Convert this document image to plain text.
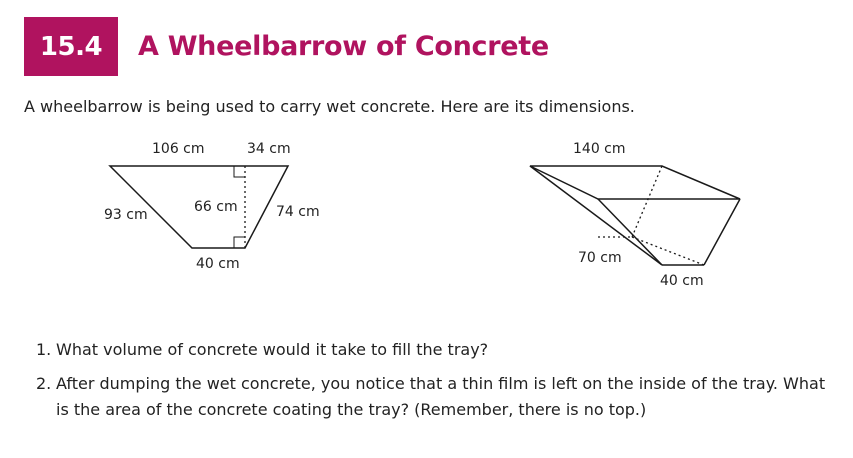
15.4	A Wheelbarrow of Concrete
A wheelbarrow is being used to carry wet concrete. Here are its dimensions.
106 cm	34 cm
93 cm	66 cm	74 cm
40 cm
140 cm
70 cm
40 cm
1. What volume of concrete would it take to fill the tray?
2. After dumping the wet concrete, you notice that a thin film is left on the inside of the tray. What is the area of the concrete coating the tray? (Remember, there is no top.)
